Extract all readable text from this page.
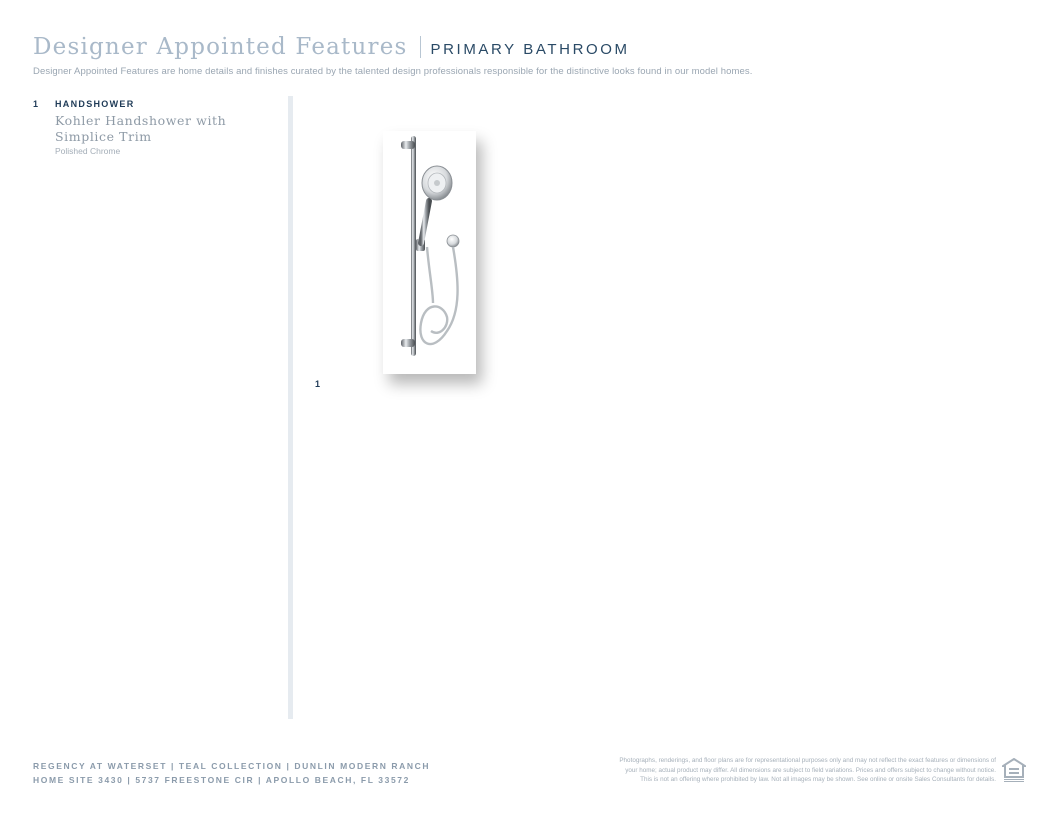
Designer Appointed Features PRIMARY BATHROOM

Designer Appointed Features are home details and finishes curated by the talented design professionals responsible for the distinctive looks found in our model homes.

1	HANDSHOWER
Kohler Handshower with Simplice Trim
Polished Chrome
1
REGENCY AT WATERSET | TEAL COLLECTION | DUNLIN MODERN RANCH
HOME SITE 3430 | 5737 FREESTONE CIR | APOLLO BEACH, FL 33572
Photographs, renderings, and floor plans are for representational purposes only and may not reflect the exact features or dimensions of
your home; actual product may differ. All dimensions are subject to field variations. Prices and offers subject to change without notice.
This is not an offering where prohibited by law. Not all images may be shown. See online or onsite Sales Consultants for details.
